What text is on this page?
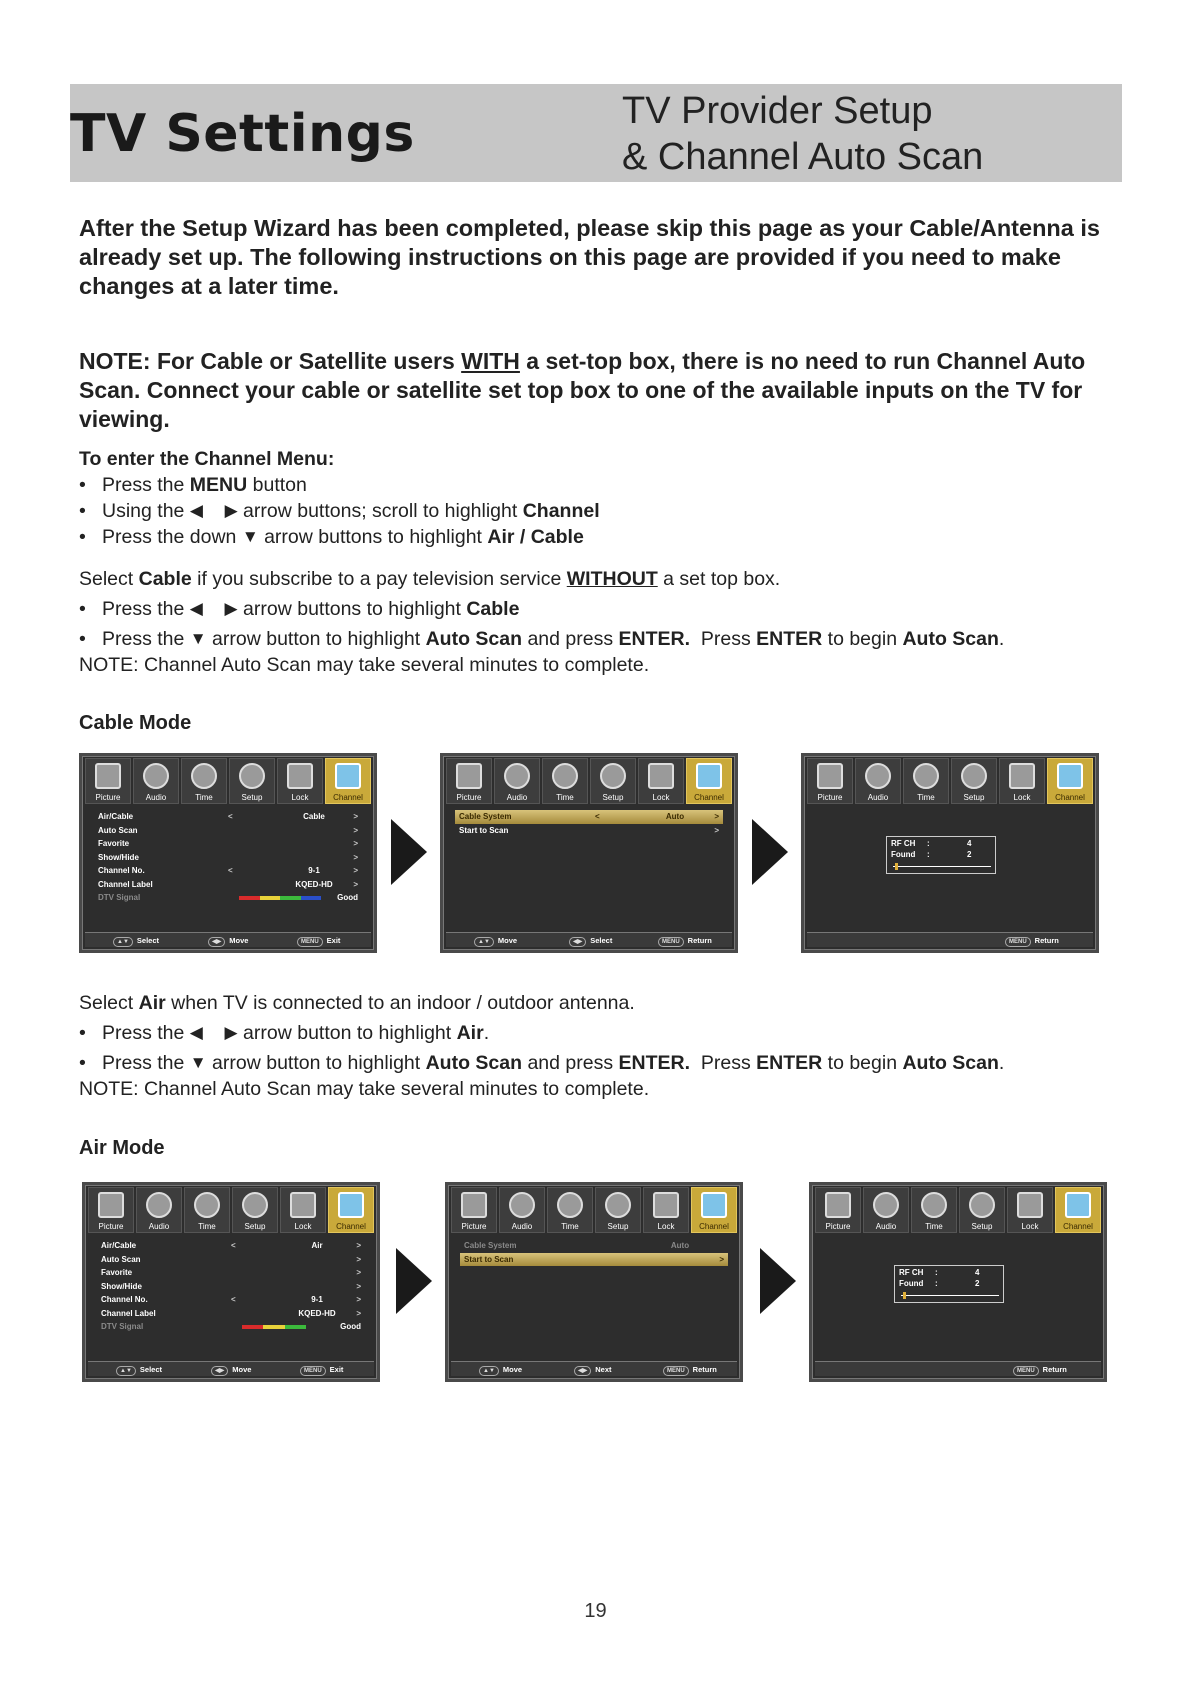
TV Settings	TV Provider Setup
& Channel Auto Scan
After the Setup Wizard has been completed, please skip this page as your Cable/Antenna is already set up. The following instructions on this page are provided if you need to make changes at a later time.
NOTE: For Cable or Satellite users WITH a set-top box, there is no need to run Channel Auto Scan. Connect your cable or satellite set top box to one of the available inputs on the TV for viewing.
To enter the Channel Menu:
• Press the MENU button
• Using the ◀ ▶ arrow buttons; scroll to highlight Channel
• Press the down ▼ arrow buttons to highlight Air / Cable
Select Cable if you subscribe to a pay television service WITHOUT a set top box.
• Press the ◀ ▶ arrow buttons to highlight Cable
• Press the ▼ arrow button to highlight Auto Scan and press ENTER.  Press ENTER to begin Auto Scan.
NOTE: Channel Auto Scan may take several minutes to complete.
Cable Mode
Picture	Audio	Time	Setup	Lock	Channel
Air/Cable	<	Cable	>
Auto Scan	>
Favorite	>
Show/Hide	>
Channel No.	<	9-1	>
Channel Label	KQED-HD	>
DTV Signal	Good
▲▼ Select	◀▶ Move	MENU Exit
Picture	Audio	Time	Setup	Lock	Channel
Cable System	<	Auto	>
Start to Scan	>
▲▼ Move	◀▶ Select	MENU Return
Picture	Audio	Time	Setup	Lock	Channel
RF CH :	4
Found :	2
MENU Return
Select Air when TV is connected to an indoor / outdoor antenna.
• Press the ◀ ▶ arrow button to highlight Air.
• Press the ▼ arrow button to highlight Auto Scan and press ENTER.  Press ENTER to begin Auto Scan.
NOTE: Channel Auto Scan may take several minutes to complete.
Air Mode
Picture	Audio	Time	Setup	Lock	Channel
Air/Cable	<	Air	>
Auto Scan	>
Favorite	>
Show/Hide	>
Channel No.	<	9-1	>
Channel Label	KQED-HD	>
DTV Signal	Good
▲▼ Select	◀▶ Move	MENU Exit
Picture	Audio	Time	Setup	Lock	Channel
Cable System	Auto
Start to Scan	>
▲▼ Move	◀▶ Next	MENU Return
Picture	Audio	Time	Setup	Lock	Channel
RF CH :	4
Found :	2
MENU Return
19
